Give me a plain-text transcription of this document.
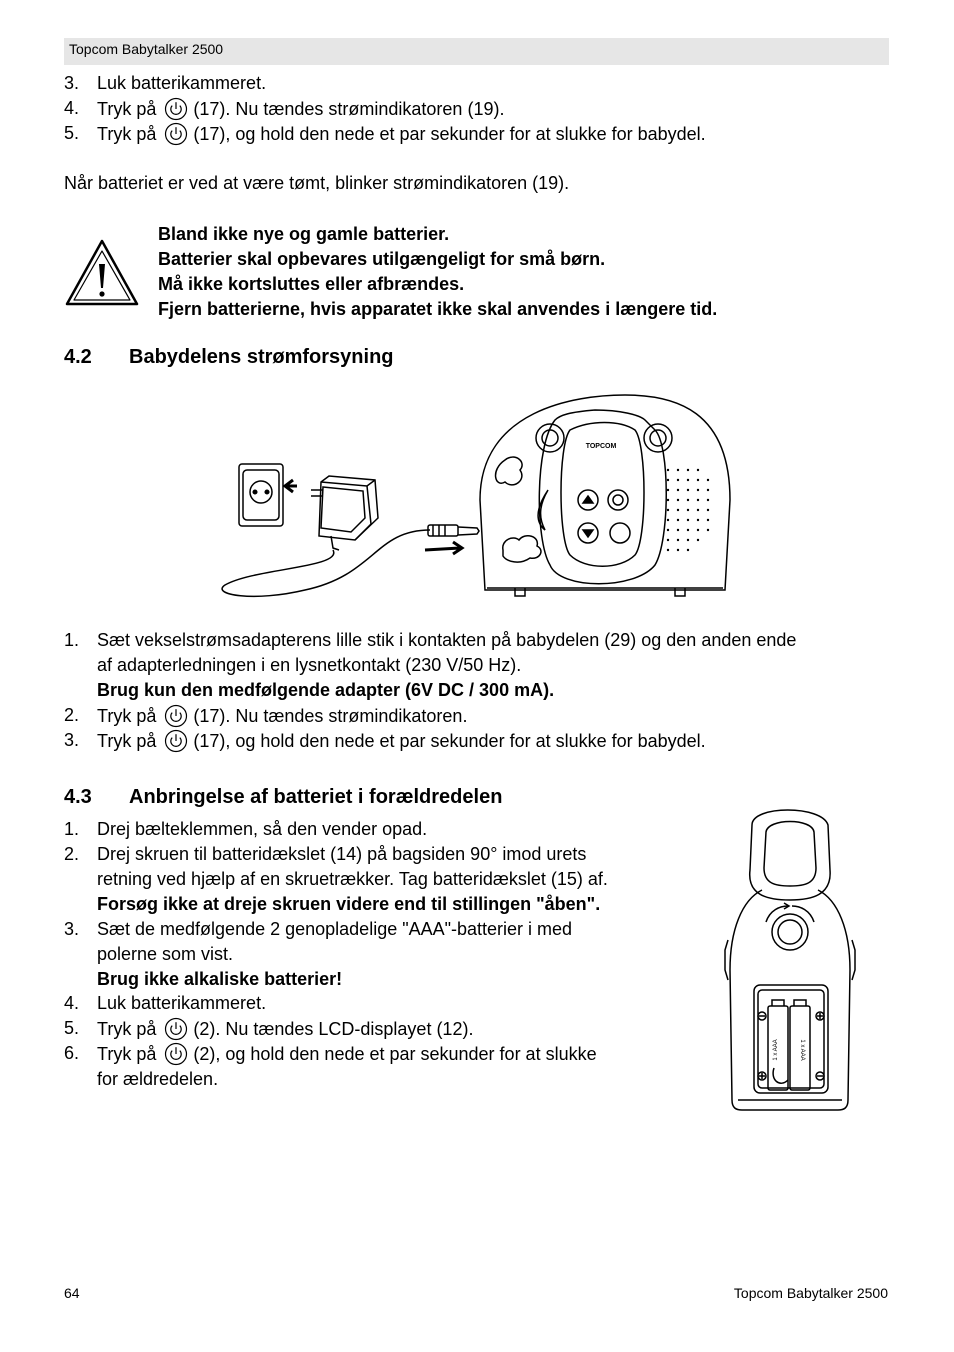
Topcom Babytalker 2500
3. Luk batterikammeret.
4. Tryk på (17). Nu tændes strømindikatoren (19).
5. Tryk på (17), og hold den nede et par sekunder for at slukke for babydel.
Når batteriet er ved at være tømt, blinker strømindikatoren (19).
Bland ikke nye og gamle batterier.
Batterier skal opbevares utilgængeligt for små børn.
Må ikke kortsluttes eller afbrændes.
Fjern batterierne, hvis apparatet ikke skal anvendes i længere tid.
4.2 Babydelens strømforsyning
TOPCOM
1. Sæt vekselstrømsadapterens lille stik i kontakten på babydelen (29) og den anden ende
af adapterledningen i en lysnetkontakt (230 V/50 Hz).
Brug kun den medfølgende adapter (6V DC / 300 mA).
2. Tryk på (17). Nu tændes strømindikatoren.
3. Tryk på (17), og hold den nede et par sekunder for at slukke for babydel.
4.3 Anbringelse af batteriet i forældredelen
1. Drej bælteklemmen, så den vender opad.
2. Drej skruen til batteridækslet (14) på bagsiden 90° imod urets
retning ved hjælp af en skruetrækker. Tag batteridækslet (15) af.
Forsøg ikke at dreje skruen videre end til stillingen "åben".
3. Sæt de medfølgende 2 genopladelige "AAA"-batterier i med
polerne som vist.
Brug ikke alkaliske batterier!
4. Luk batterikammeret.
5. Tryk på (2). Nu tændes LCD-displayet (12).
6. Tryk på (2), og hold den nede et par sekunder for at slukke
for ældredelen.
1 x AAA	1 x AAA
64	Topcom Babytalker 2500
